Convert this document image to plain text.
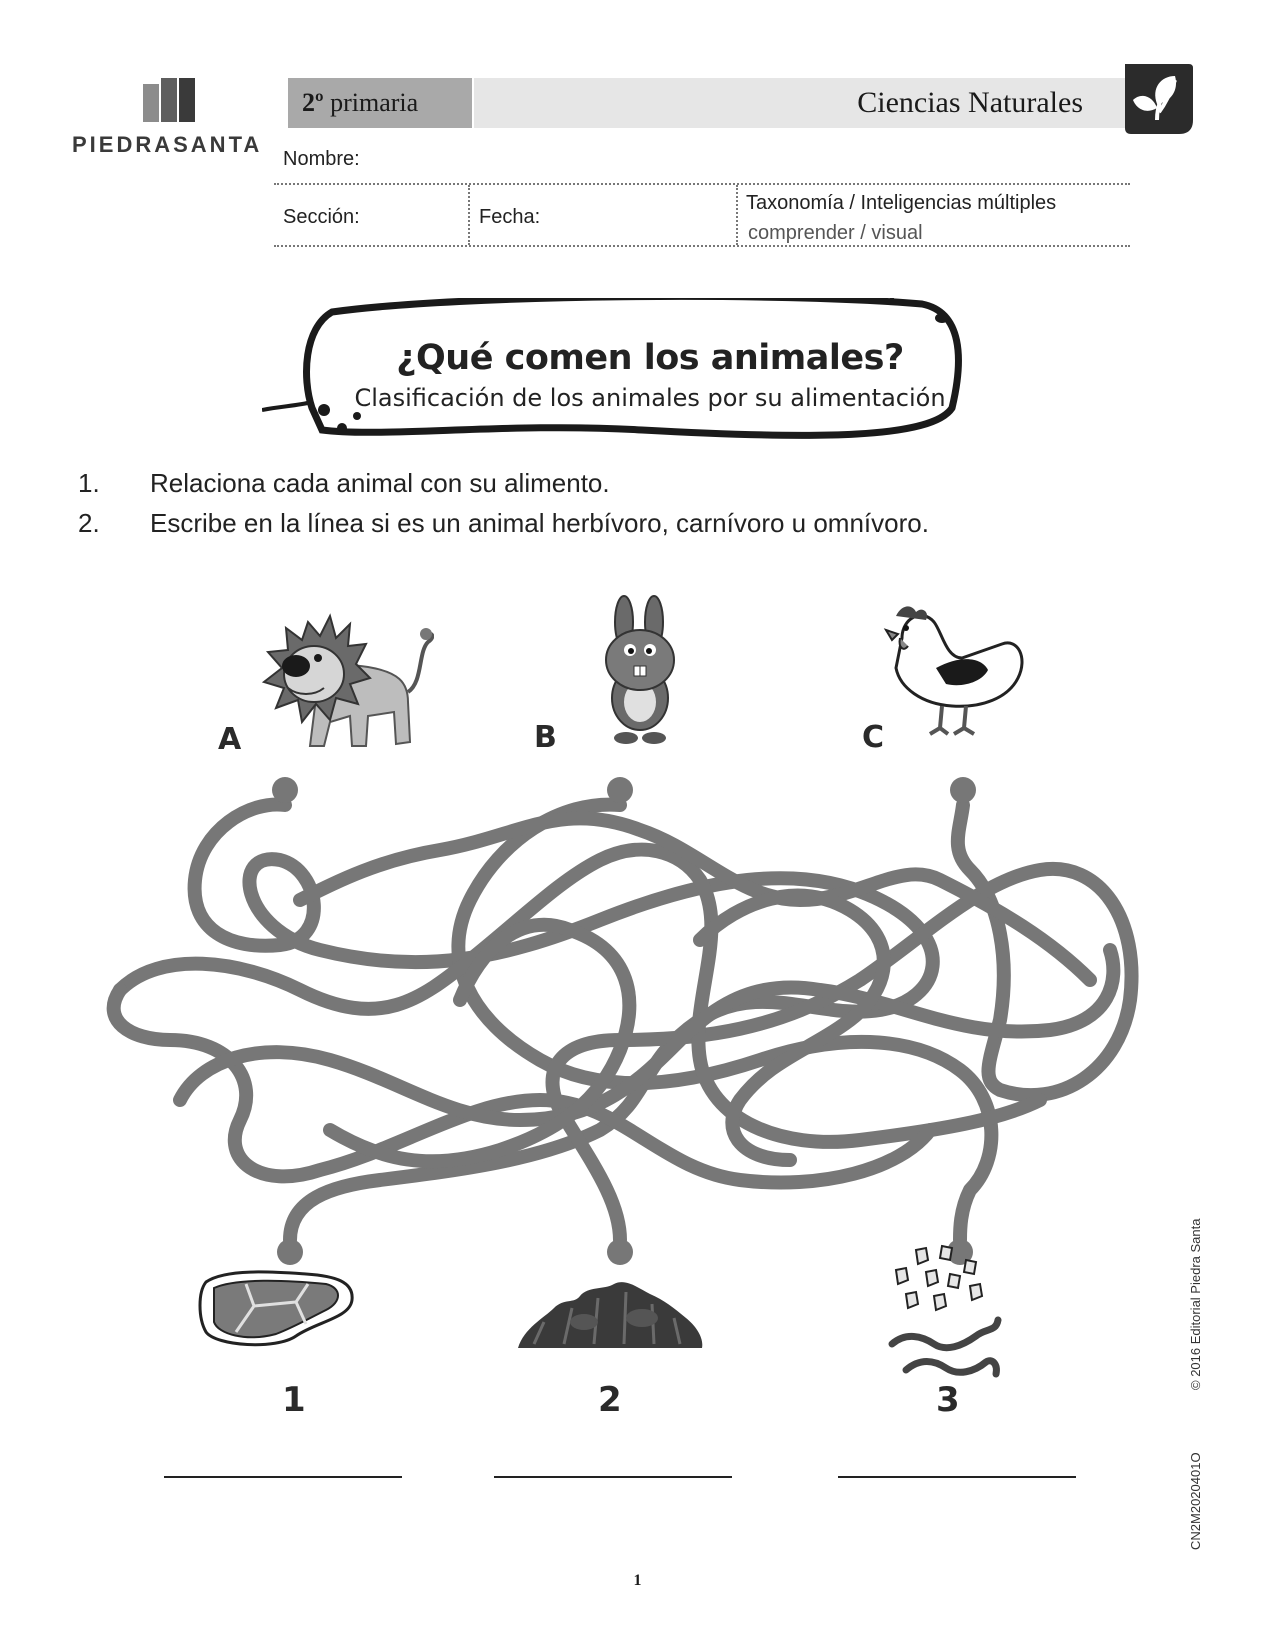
PIEDRASANTA
2º primaria	Ciencias Naturales
Nombre:
Sección:	Fecha:
Taxonomía / Inteligencias múltiples
comprender / visual
¿Qué comen los animales?
Clasificación de los animales por su alimentación
1. Relaciona cada animal con su alimento.
2. Escribe en la línea si es un animal herbívoro, carnívoro u omnívoro.
A	B	C
1	2	3
1
© 2016 Editorial Piedra Santa
CN2M2020401O
